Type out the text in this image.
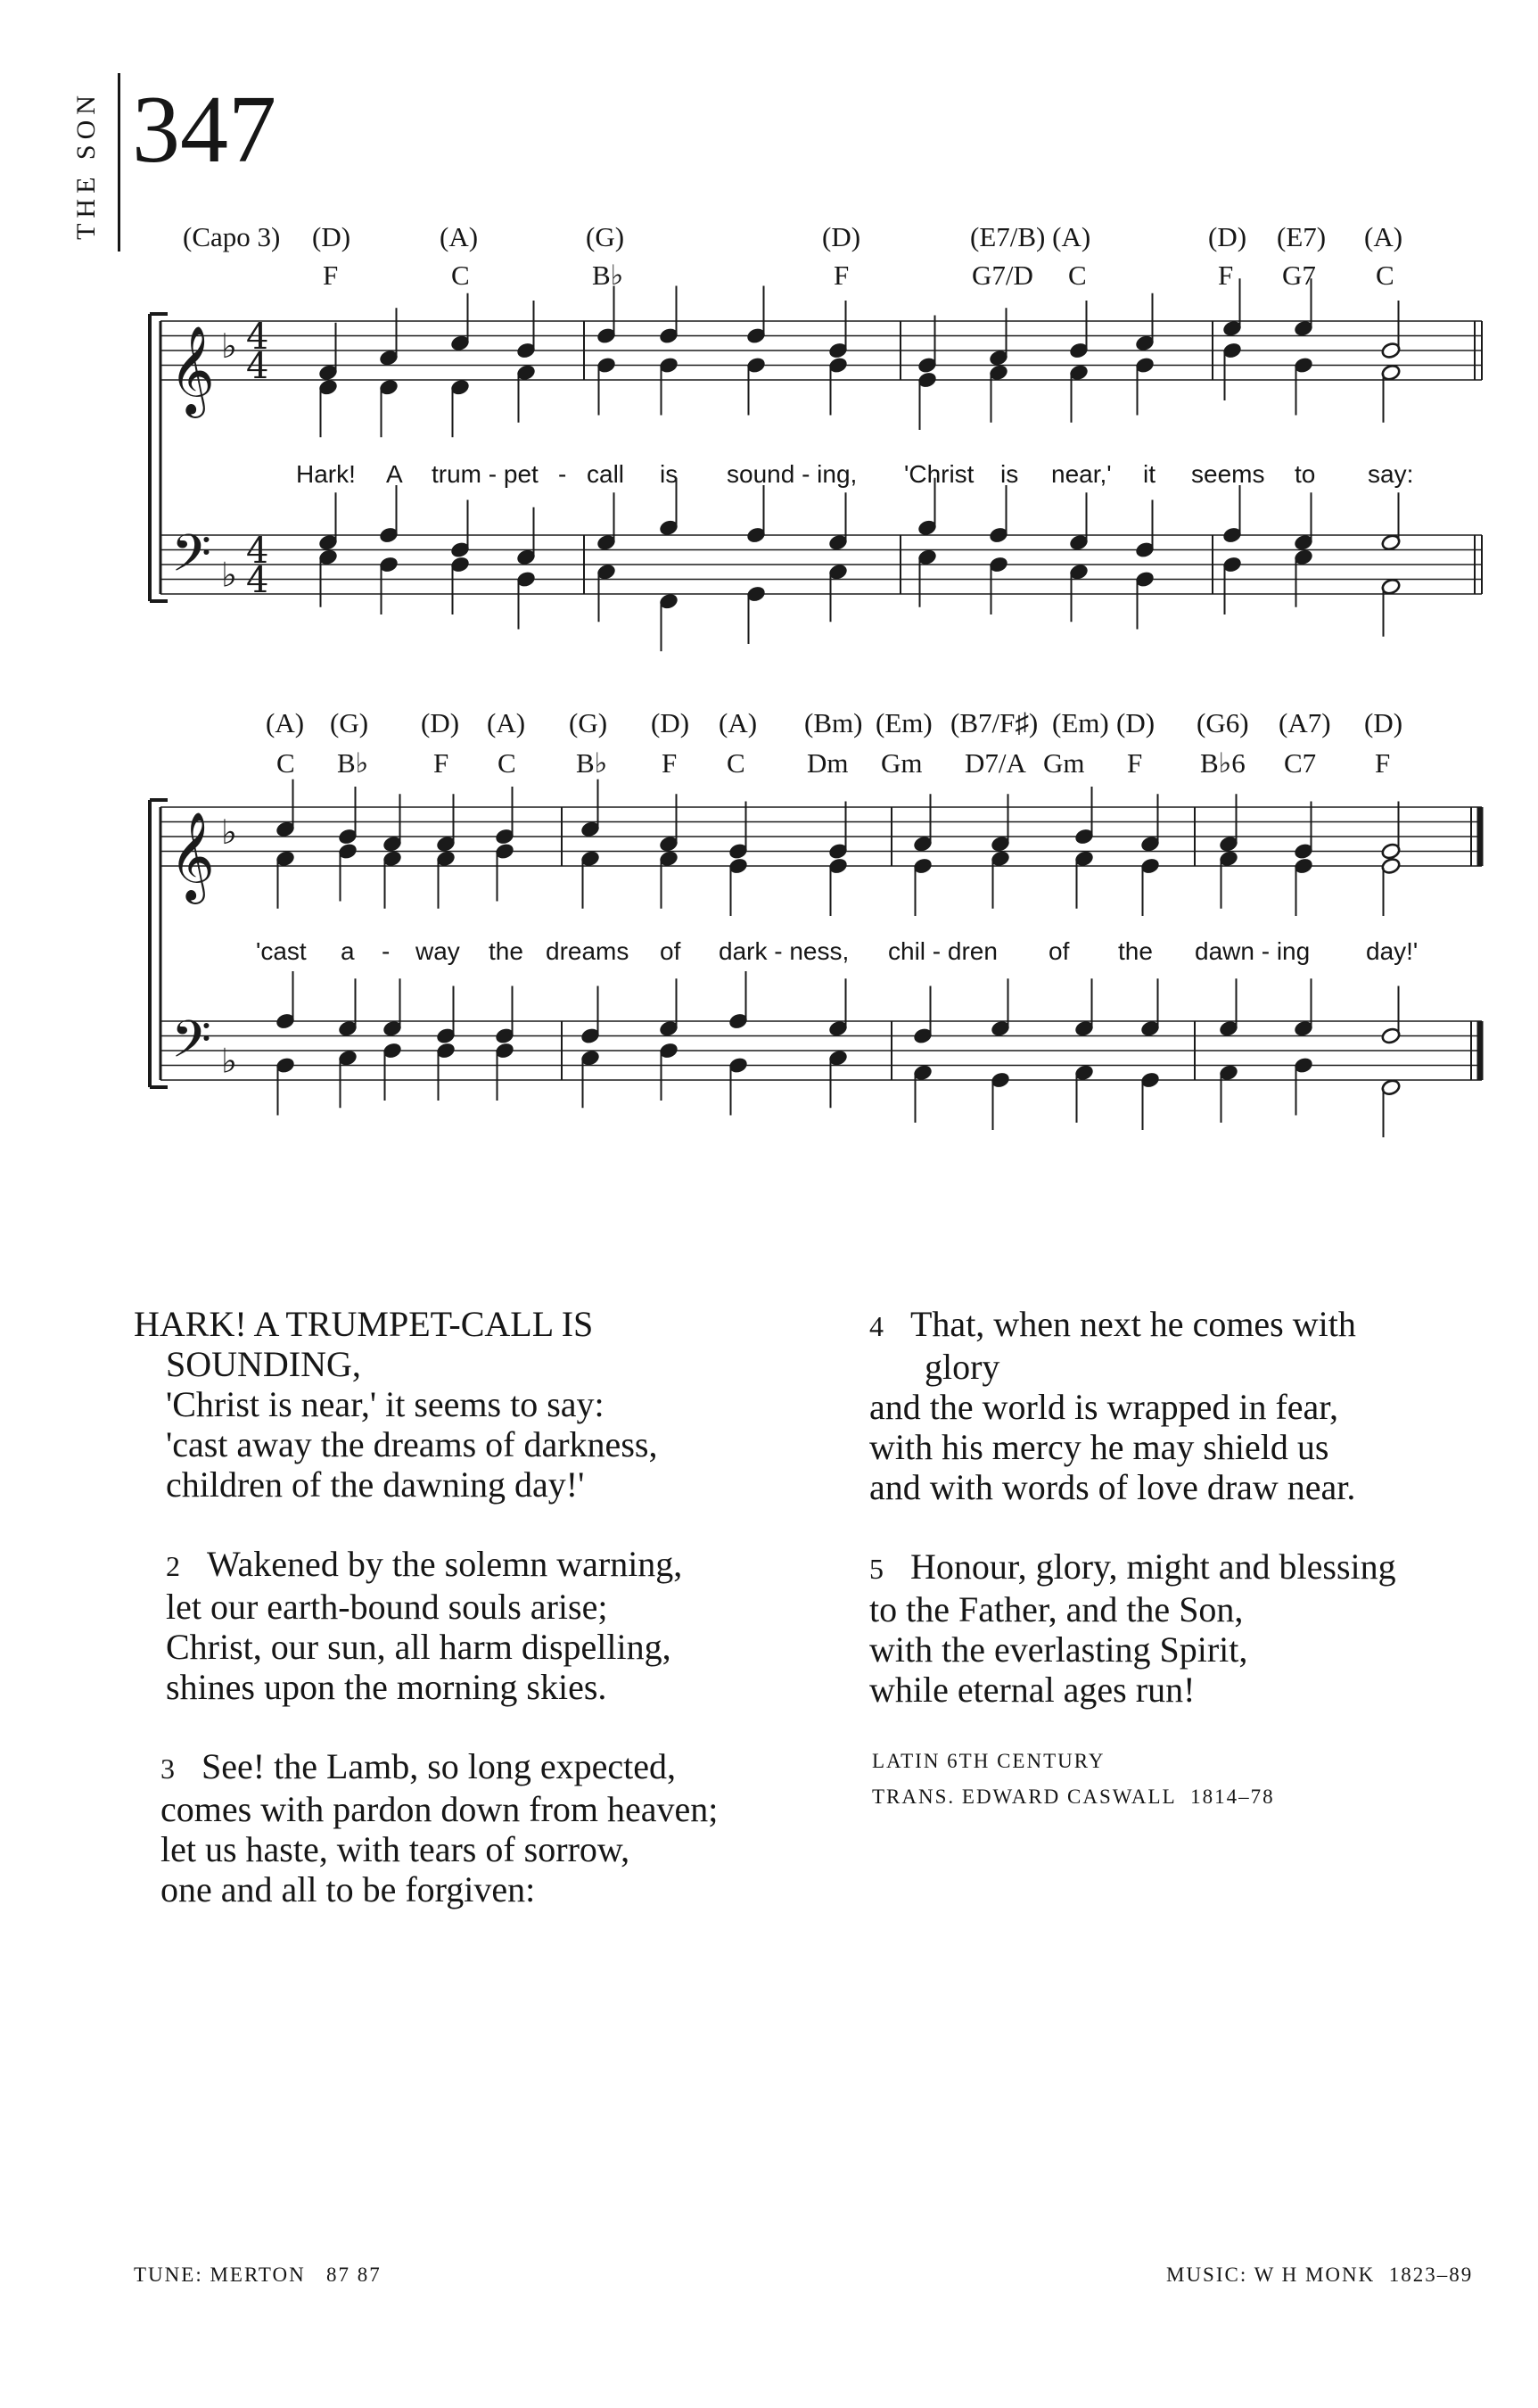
THE SON 347
(Capo 3) (D)	(A)	(G)	(D)	(E7/B) (A)	(D) (E7) (A)
F	C	B♭	F	G7/D C	F G7 C
Hark! A trum - pet - call is sound - ing, 'Christ is near,' it seems to say:
(A) (G) (D) (A) (G) (D) (A) (Bm) (Em) (B7/F♯) (Em) (D) (G6) (A7) (D)
C B♭ F C B♭ F C Dm Gm D7/A Gm F B♭6 C7 F
'cast a - way the dreams of dark - ness, chil - dren of the dawn - ing day!'
𝄞
𝄢
♭
♭
4
4
4
4
𝄞
𝄢
♭
♭
HARK! A TRUMPET-CALL IS
SOUNDING,
'Christ is near,' it seems to say:
'cast away the dreams of darkness,
children of the dawning day!'
2 Wakened by the solemn warning,
let our earth-bound souls arise;
Christ, our sun, all harm dispelling,
shines upon the morning skies.
3 See! the Lamb, so long expected,
comes with pardon down from heaven;
let us haste, with tears of sorrow,
one and all to be forgiven:
4 That, when next he comes with
glory
and the world is wrapped in fear,
with his mercy he may shield us
and with words of love draw near.
5 Honour, glory, might and blessing
to the Father, and the Son,
with the everlasting Spirit,
while eternal ages run!
LATIN 6TH CENTURY
TRANS. EDWARD CASWALL 1814–78
TUNE: MERTON 87 87	MUSIC: W H MONK 1823–89
